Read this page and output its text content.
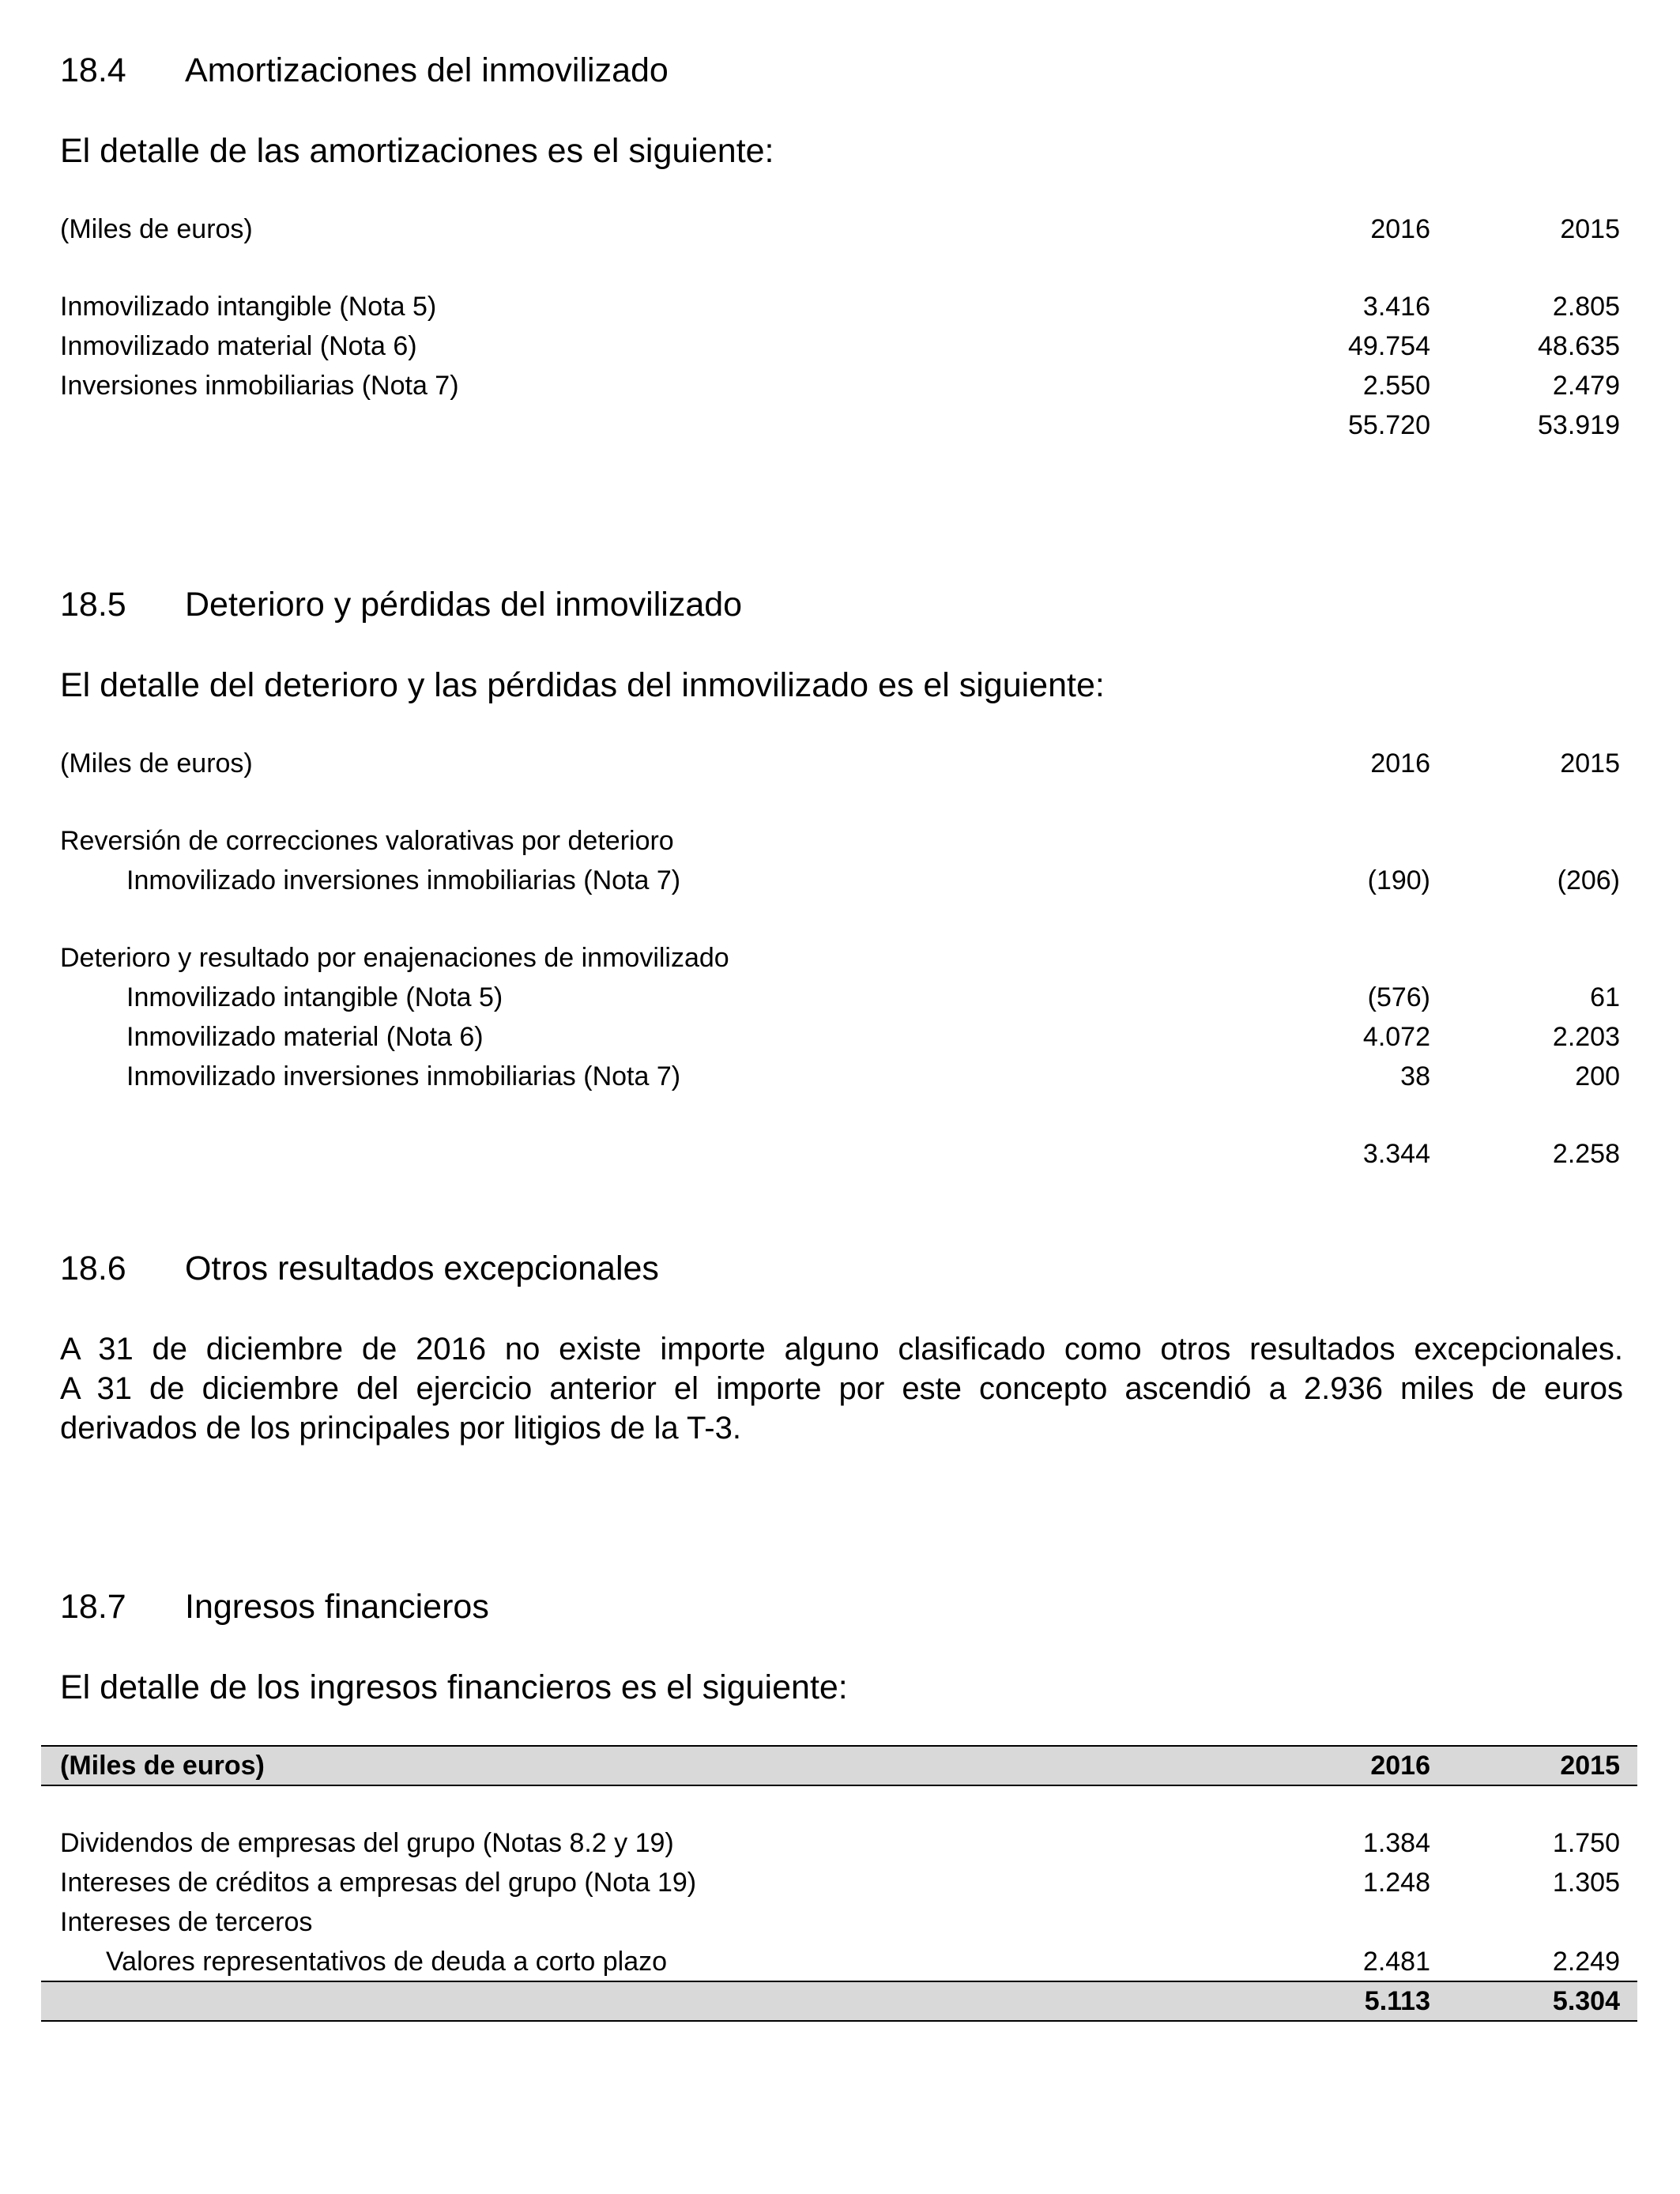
18.4 Amortizaciones del inmovilizado
El detalle de las amortizaciones es el siguiente:
(Miles de euros)	2016	2015
Inmovilizado intangible (Nota 5)	3.416	2.805
Inmovilizado material (Nota 6)	49.754	48.635
Inversiones inmobiliarias (Nota 7)	2.550	2.479
55.720	53.919
18.5 Deterioro y pérdidas del inmovilizado
El detalle del deterioro y las pérdidas del inmovilizado es el siguiente:
(Miles de euros)	2016	2015
Reversión de correcciones valorativas por deterioro
Inmovilizado inversiones inmobiliarias (Nota 7)	(190)	(206)
Deterioro y resultado por enajenaciones de inmovilizado
Inmovilizado intangible (Nota 5)	(576)	61
Inmovilizado material (Nota 6)	4.072	2.203
Inmovilizado inversiones inmobiliarias (Nota 7)	38	200
3.344	2.258
18.6 Otros resultados excepcionales
A 31 de diciembre de 2016 no existe importe alguno clasificado como otros resultados excepcionales.
A 31 de diciembre del ejercicio anterior el importe por este concepto ascendió a 2.936 miles de euros
derivados de los principales por litigios de la T-3.
18.7 Ingresos financieros
El detalle de los ingresos financieros es el siguiente:
(Miles de euros)	2016	2015
Dividendos de empresas del grupo (Notas 8.2 y 19)	1.384	1.750
Intereses de créditos a empresas del grupo (Nota 19)	1.248	1.305
Intereses de terceros
Valores representativos de deuda a corto plazo	2.481	2.249
5.113	5.304
